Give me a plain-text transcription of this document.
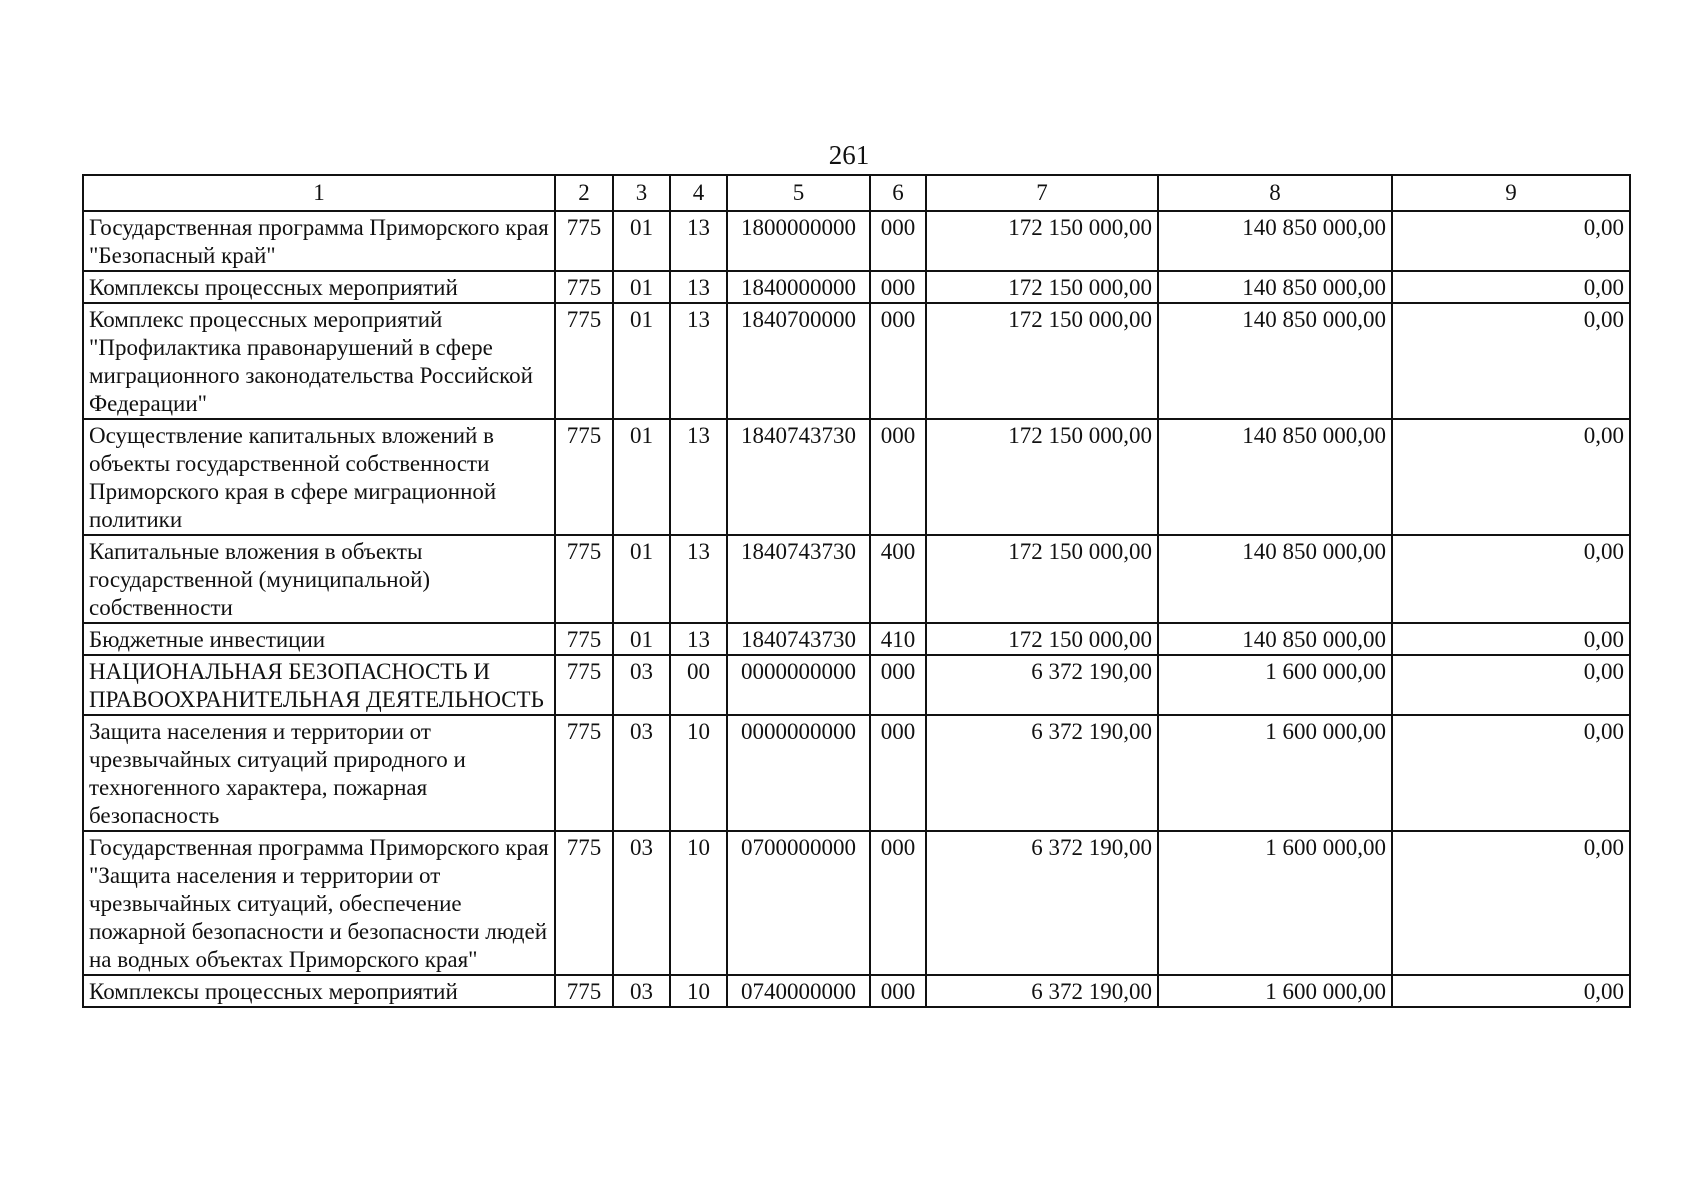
261
1	2	3	4	5	6	7	8	9
Государственная программа Приморского края "Безопасный край"	775	01	13	1800000000	000	172 150 000,00	140 850 000,00	0,00
Комплексы процессных мероприятий	775	01	13	1840000000	000	172 150 000,00	140 850 000,00	0,00
Комплекс процессных мероприятий "Профилактика правонарушений в сфере миграционного законодательства Российской Федерации"	775	01	13	1840700000	000	172 150 000,00	140 850 000,00	0,00
Осуществление капитальных вложений в объекты государственной собственности Приморского края в сфере миграционной политики	775	01	13	1840743730	000	172 150 000,00	140 850 000,00	0,00
Капитальные вложения в объекты государственной (муниципальной) собственности	775	01	13	1840743730	400	172 150 000,00	140 850 000,00	0,00
Бюджетные инвестиции	775	01	13	1840743730	410	172 150 000,00	140 850 000,00	0,00
НАЦИОНАЛЬНАЯ БЕЗОПАСНОСТЬ И ПРАВООХРАНИТЕЛЬНАЯ ДЕЯТЕЛЬНОСТЬ	775	03	00	0000000000	000	6 372 190,00	1 600 000,00	0,00
Защита населения и территории от чрезвычайных ситуаций природного и техногенного характера, пожарная безопасность	775	03	10	0000000000	000	6 372 190,00	1 600 000,00	0,00
Государственная программа Приморского края "Защита населения и территории от чрезвычайных ситуаций, обеспечение пожарной безопасности и безопасности людей на водных объектах Приморского края"	775	03	10	0700000000	000	6 372 190,00	1 600 000,00	0,00
Комплексы процессных мероприятий	775	03	10	0740000000	000	6 372 190,00	1 600 000,00	0,00
